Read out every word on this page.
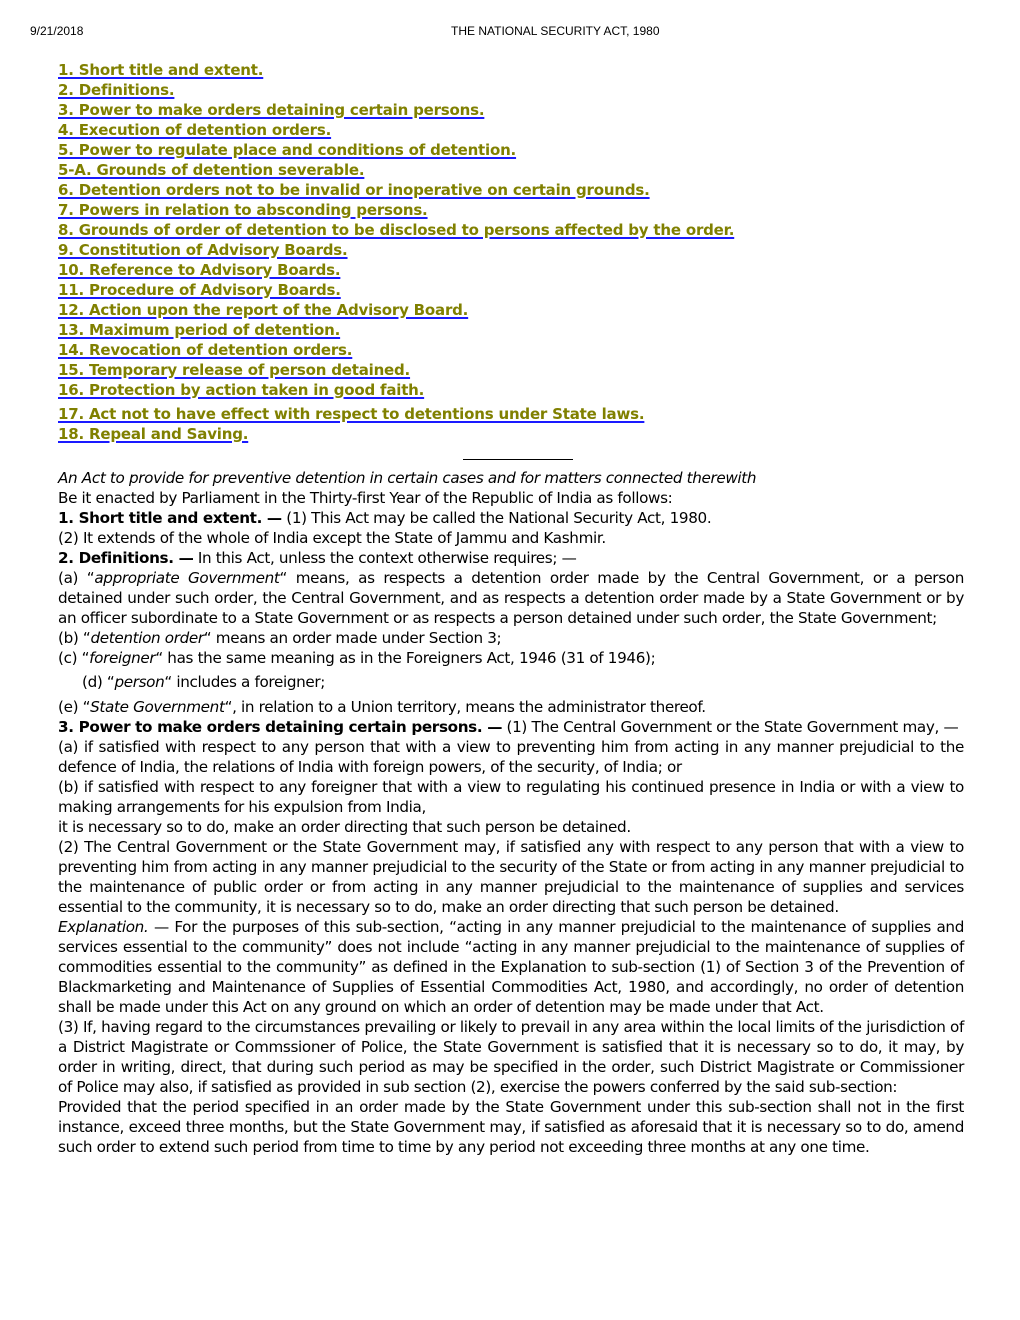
9/21/2018	THE NATIONAL SECURITY ACT, 1980
1. Short title and extent.
2. Definitions.
3. Power to make orders detaining certain persons.
4. Execution of detention orders.
5. Power to regulate place and conditions of detention.
5-A. Grounds of detention severable.
6. Detention orders not to be invalid or inoperative on certain grounds.
7. Powers in relation to absconding persons.
8. Grounds of order of detention to be disclosed to persons affected by the order.
9. Constitution of Advisory Boards.
10. Reference to Advisory Boards.
11. Procedure of Advisory Boards.
12. Action upon the report of the Advisory Board.
13. Maximum period of detention.
14. Revocation of detention orders.
15. Temporary release of person detained.
16. Protection by action taken in good faith.
17. Act not to have effect with respect to detentions under State laws.
18. Repeal and Saving.

An Act to provide for preventive detention in certain cases and for matters connected therewith

Be it enacted by Parliament in the Thirty-first Year of the Republic of India as follows:

1. Short title and extent. — (1) This Act may be called the National Security Act, 1980.

(2) It extends of the whole of India except the State of Jammu and Kashmir.

2. Definitions. — In this Act, unless the context otherwise requires; —

(a) “appropriate Government“ means, as respects a detention order made by the Central Government, or a person detained under such order, the Central Government, and as respects a detention order made by a State Government or by an officer subordinate to a State Government or as respects a person detained under such order, the State Government;

(b) “detention order“ means an order made under Section 3;

(c) “foreigner“ has the same meaning as in the Foreigners Act, 1946 (31 of 1946);

(d) “person“ includes a foreigner;

(e) “State Government“, in relation to a Union territory, means the administrator thereof.

3. Power to make orders detaining certain persons. — (1) The Central Government or the State Government may, —

(a) if satisfied with respect to any person that with a view to preventing him from acting in any manner prejudicial to the defence of India, the relations of India with foreign powers, of the security, of India; or

(b) if satisfied with respect to any foreigner that with a view to regulating his continued presence in India or with a view to making arrangements for his expulsion from India,

it is necessary so to do, make an order directing that such person be detained.

(2) The Central Government or the State Government may, if satisfied any with respect to any person that with a view to preventing him from acting in any manner prejudicial to the security of the State or from acting in any manner prejudicial to the maintenance of public order or from acting in any manner prejudicial to the maintenance of supplies and services essential to the community, it is necessary so to do, make an order directing that such person be detained.

Explanation. — For the purposes of this sub-section, “acting in any manner prejudicial to the maintenance of supplies and services essential to the community” does not include “acting in any manner prejudicial to the maintenance of supplies of commodities essential to the community” as defined in the Explanation to sub-section (1) of Section 3 of the Prevention of Blackmarketing and Maintenance of Supplies of Essential Commodities Act, 1980, and accordingly, no order of detention shall be made under this Act on any ground on which an order of detention may be made under that Act.

(3) If, having regard to the circumstances prevailing or likely to prevail in any area within the local limits of the jurisdiction of a District Magistrate or Commssioner of Police, the State Government is satisfied that it is necessary so to do, it may, by order in writing, direct, that during such period as may be specified in the order, such District Magistrate or Commissioner of Police may also, if satisfied as provided in sub section (2), exercise the powers conferred by the said sub-section:

Provided that the period specified in an order made by the State Government under this sub-section shall not in the first instance, exceed three months, but the State Government may, if satisfied as aforesaid that it is necessary so to do, amend such order to extend such period from time to time by any period not exceeding three months at any one time.
